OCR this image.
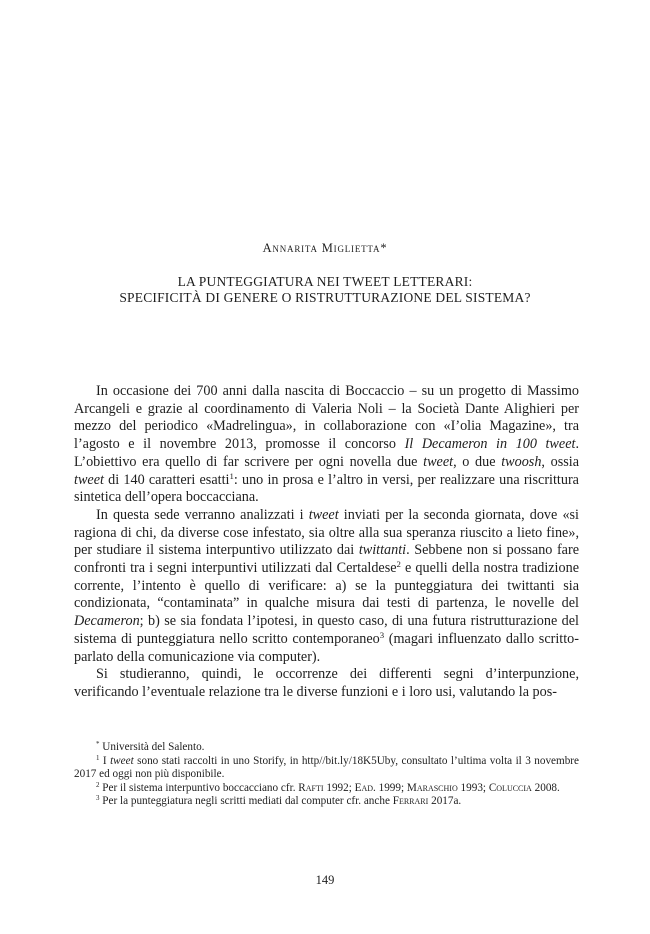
Annarita Miglietta*
LA PUNTEGGIATURA NEI TWEET LETTERARI:
SPECIFICITÀ DI GENERE O RISTRUTTURAZIONE DEL SISTEMA?

In occasione dei 700 anni dalla nascita di Boccaccio – su un progetto di Massimo Arcangeli e grazie al coordinamento di Valeria Noli – la Società Dante Alighieri per mezzo del periodico «Madrelingua», in collaborazione con «I’olia Magazine», tra l’agosto e il novembre 2013, promosse il concorso Il Decameron in 100 tweet. L’obiettivo era quello di far scrivere per ogni novella due tweet, o due twoosh, ossia tweet di 140 caratteri esatti$^1$: uno in prosa e l’altro in versi, per realizzare una riscrittura sintetica dell’opera boccacciana.

In questa sede verranno analizzati i tweet inviati per la seconda giornata, dove «si ragiona di chi, da diverse cose infestato, sia oltre alla sua speranza riuscito a lieto fine», per studiare il sistema interpuntivo utilizzato dai twittanti. Sebbene non si possano fare confronti tra i segni interpuntivi utilizzati dal Certaldese$^2$ e quelli della nostra tradizione corrente, l’intento è quello di verificare: a) se la punteggiatura dei twittanti sia condizionata, “contaminata” in qualche misura dai testi di partenza, le novelle del Decameron; b) se sia fondata l’ipotesi, in questo caso, di una futura ristrutturazione del sistema di punteggiatura nello scritto contemporaneo$^3$ (magari influenzato dallo scritto-parlato della comunicazione via computer).

Si studieranno, quindi, le occorrenze dei differenti segni d’interpunzione, verificando l’eventuale relazione tra le diverse funzioni e i loro usi, valutando la pos-

* Università del Salento.
$^1$ I tweet sono stati raccolti in uno Storify, in http//bit.ly/18K5Uby, consultato l’ultima volta il 3 novembre 2017 ed oggi non più disponibile.
$^2$ Per il sistema interpuntivo boccacciano cfr. Rafti 1992; Ead. 1999; Maraschio 1993; Coluccia 2008.
$^3$ Per la punteggiatura negli scritti mediati dal computer cfr. anche Ferrari 2017a.
149
